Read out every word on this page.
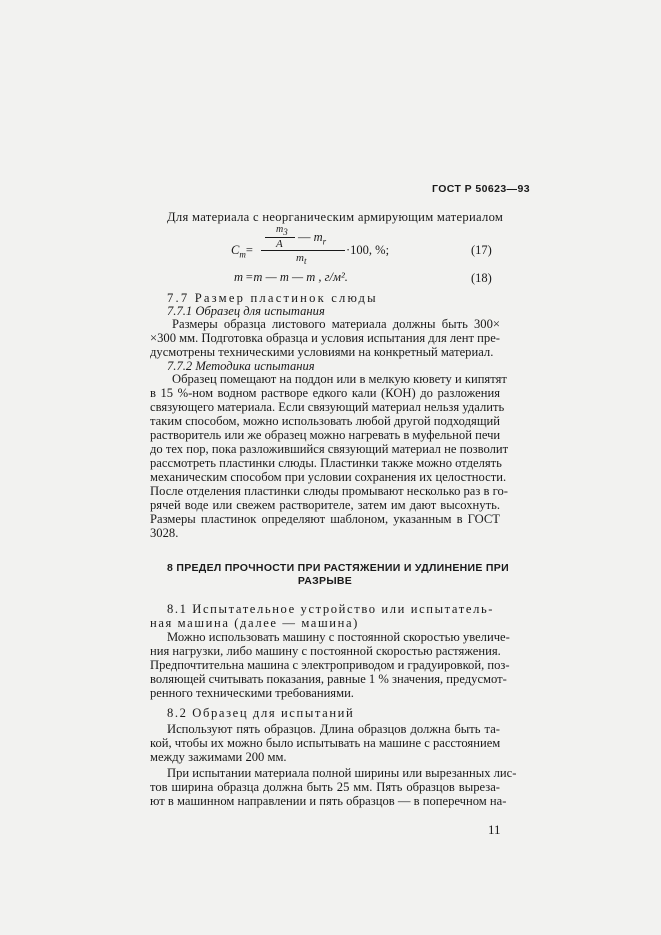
ГОСТ Р 50623—93
Для материала с неорганическим армирующим материалом
$C_m=$
$m_3$
A — $m_r$
$m_t$
·100, %;	(17)
m =m — m — m , г/м².	(18)
7.7 Размер пластинок слюды
7.7.1 Образец для испытания
Размеры образца листового материала должны быть 300×
×300 мм. Подготовка образца и условия испытания для лент пре-
дусмотрены техническими условиями на конкретный материал.
7.7.2 Методика испытания
Образец помещают на поддон или в мелкую кювету и кипятят
в 15 %-ном водном растворе едкого кали (КОН) до разложения
связующего материала. Если связующий материал нельзя удалить
таким способом, можно использовать любой другой подходящий
растворитель или же образец можно нагревать в муфельной печи
до тех пор, пока разложившийся связующий материал не позволит
рассмотреть пластинки слюды. Пластинки также можно отделять
механическим способом при условии сохранения их целостности.
После отделения пластинки слюды промывают несколько раз в го-
рячей воде или свежем растворителе, затем им дают высохнуть.
Размеры пластинок определяют шаблоном, указанным в ГОСТ
3028.
8 ПРЕДЕЛ ПРОЧНОСТИ ПРИ РАСТЯЖЕНИИ И УДЛИНЕНИЕ ПРИ
РАЗРЫВЕ
8.1 Испытательное устройство или испытатель-
ная машина (далее — машина)
Можно использовать машину с постоянной скоростью увеличе-
ния нагрузки, либо машину с постоянной скоростью растяжения.
Предпочтительна машина с электроприводом и градуировкой, поз-
воляющей считывать показания, равные 1 % значения, предусмот-
ренного техническими требованиями.
8.2 Образец для испытаний
Используют пять образцов. Длина образцов должна быть та-
кой, чтобы их можно было испытывать на машине с расстоянием
между зажимами 200 мм.
При испытании материала полной ширины или вырезанных лис-
тов ширина образца должна быть 25 мм. Пять образцов выреза-
ют в машинном направлении и пять образцов — в поперечном на-
11
